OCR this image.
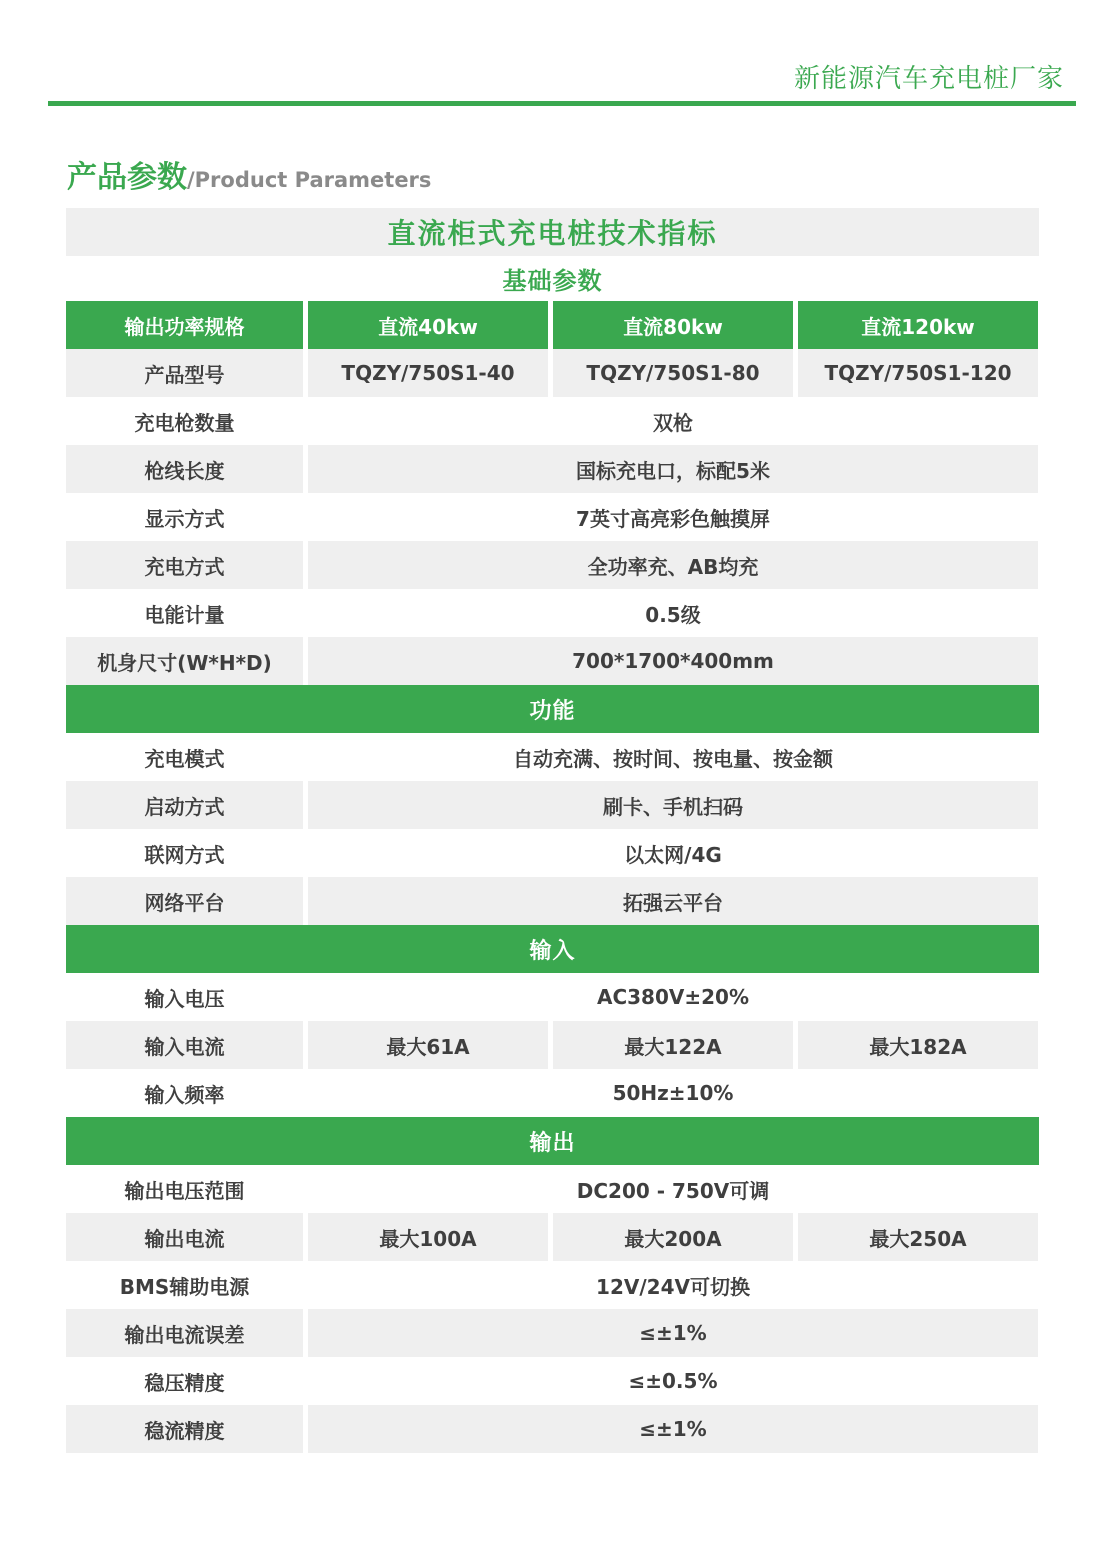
新能源汽车充电桩厂家
产品参数/Product Parameters
直流柜式充电桩技术指标
基础参数
输出功率规格	直流40kw	直流80kw	直流120kw
产品型号	TQZY/750S1-40	TQZY/750S1-80	TQZY/750S1-120
充电枪数量	双枪
枪线长度	国标充电口，标配5米
显示方式	7英寸高亮彩色触摸屏
充电方式	全功率充、AB均充
电能计量	0.5级
机身尺寸(W*H*D)	700*1700*400mm
功能
充电模式	自动充满、按时间、按电量、按金额
启动方式	刷卡、手机扫码
联网方式	以太网/4G
网络平台	拓强云平台
输入
输入电压	AC380V±20%
输入电流	最大61A	最大122A	最大182A
输入频率	50Hz±10%
输出
输出电压范围	DC200 - 750V可调
输出电流	最大100A	最大200A	最大250A
BMS辅助电源	12V/24V可切换
输出电流误差	≤±1%
稳压精度	≤±0.5%
稳流精度	≤±1%
